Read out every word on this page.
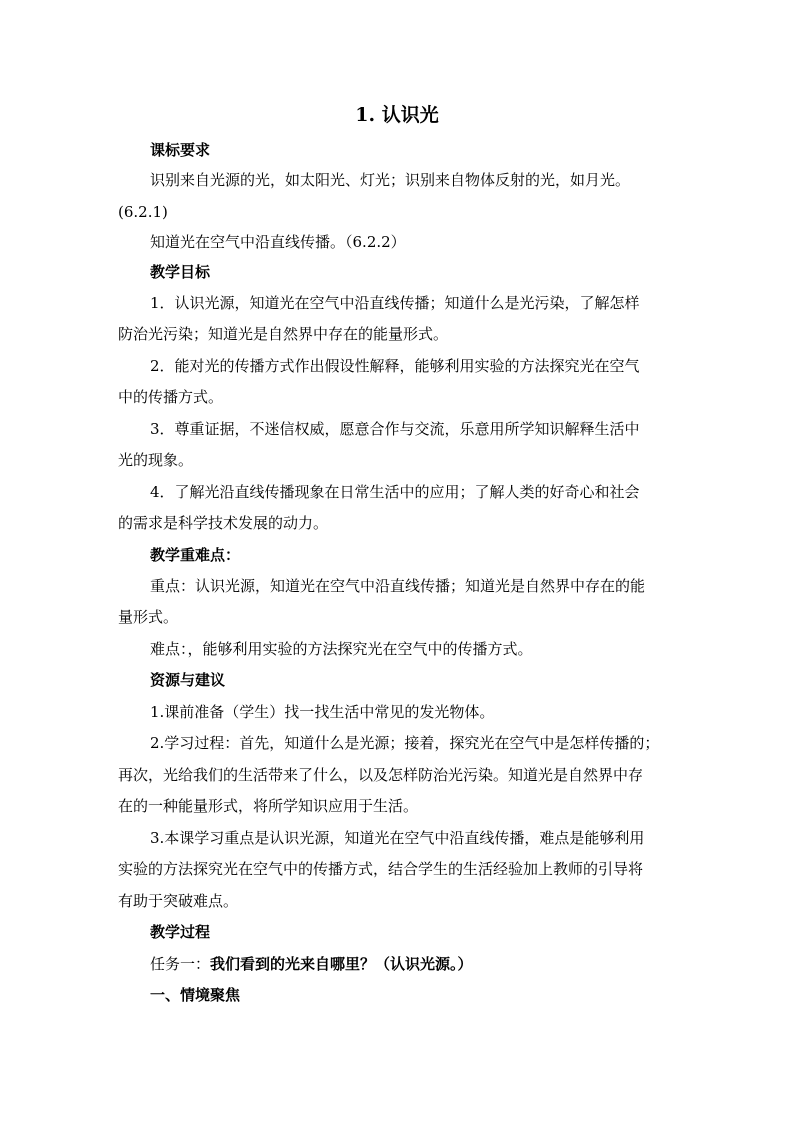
1. 认识光
课标要求
识别来自光源的光，如太阳光、灯光；识别来自物体反射的光，如月光。
(6.2.1)
知道光在空气中沿直线传播。（6.2.2）
教学目标
1．认识光源，知道光在空气中沿直线传播；知道什么是光污染，了解怎样
防治光污染；知道光是自然界中存在的能量形式。
2．能对光的传播方式作出假设性解释，能够利用实验的方法探究光在空气
中的传播方式。
3．尊重证据，不迷信权威，愿意合作与交流，乐意用所学知识解释生活中
光的现象。
4．了解光沿直线传播现象在日常生活中的应用；了解人类的好奇心和社会
的需求是科学技术发展的动力。
教学重难点：
重点：认识光源，知道光在空气中沿直线传播；知道光是自然界中存在的能
量形式。
难点：，能够利用实验的方法探究光在空气中的传播方式。
资源与建议
1.课前准备（学生）找一找生活中常见的发光物体。
2.学习过程：首先，知道什么是光源；接着，探究光在空气中是怎样传播的；
再次，光给我们的生活带来了什么，以及怎样防治光污染。知道光是自然界中存
在的一种能量形式，将所学知识应用于生活。
3.本课学习重点是认识光源，知道光在空气中沿直线传播，难点是能够利用
实验的方法探究光在空气中的传播方式，结合学生的生活经验加上教师的引导将
有助于突破难点。
教学过程
任务一：我们看到的光来自哪里？（认识光源。）
一、情境聚焦
